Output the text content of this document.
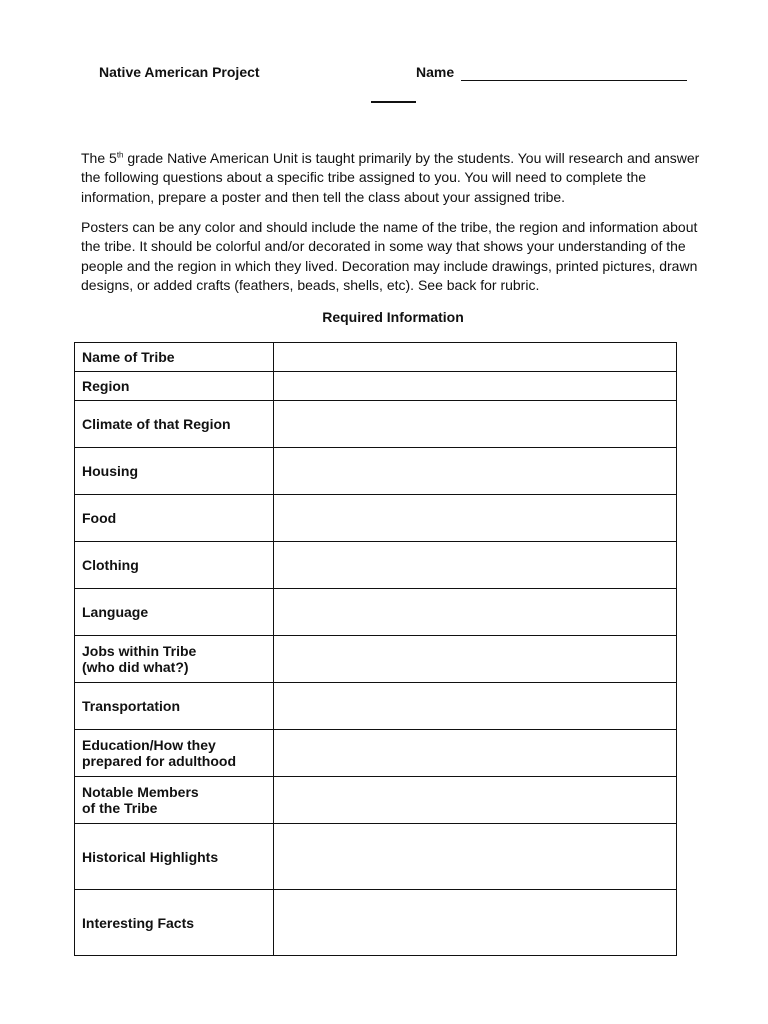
Native American Project	Name

The 5th grade Native American Unit is taught primarily by the students. You will research and answer the following questions about a specific tribe assigned to you. You will need to complete the information, prepare a poster and then tell the class about your assigned tribe.

Posters can be any color and should include the name of the tribe, the region and information about the tribe. It should be colorful and/or decorated in some way that shows your understanding of the people and the region in which they lived. Decoration may include drawings, printed pictures, drawn designs, or added crafts (feathers, beads, shells, etc). See back for rubric.

Required Information
Name of Tribe	
Region	
Climate of that Region	
Housing	
Food	
Clothing	
Language	
Jobs within Tribe
(who did what?)	
Transportation	
Education/How they
prepared for adulthood	
Notable Members
of the Tribe	
Historical Highlights	
Interesting Facts	
